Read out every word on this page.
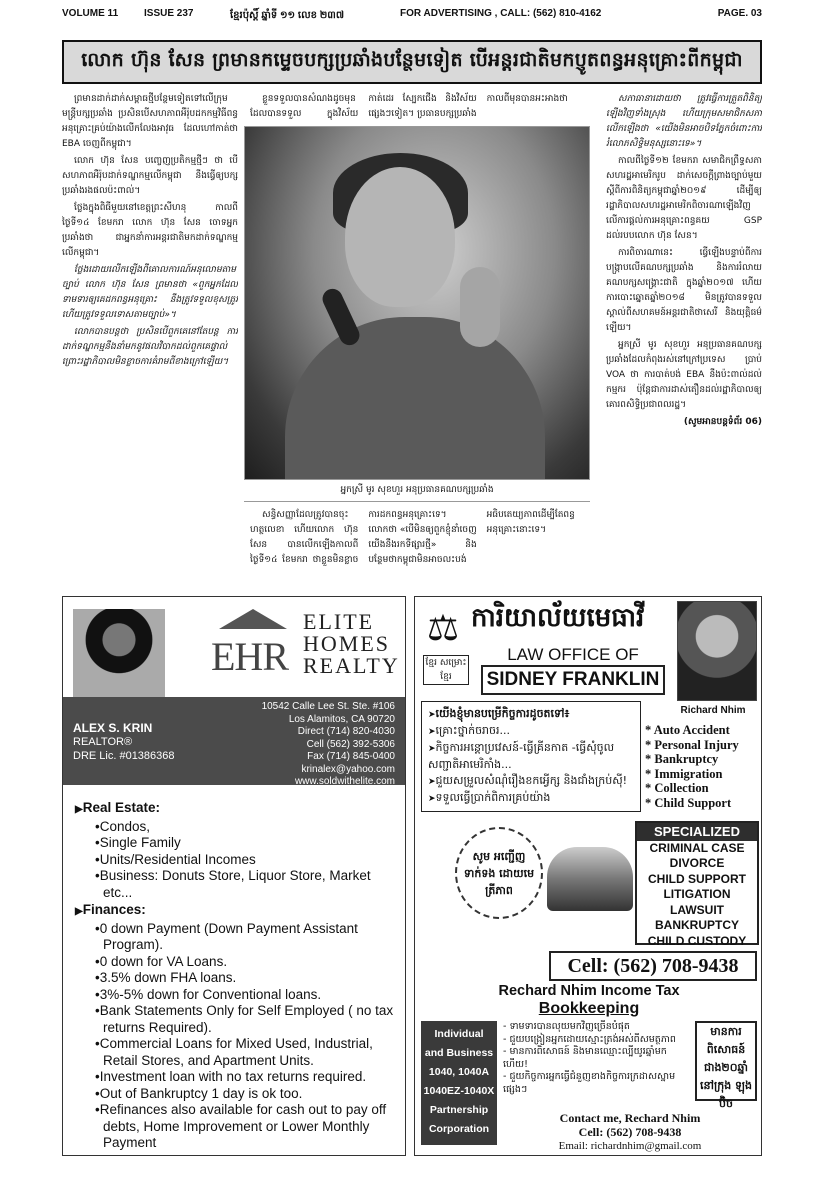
VOLUME 11	ISSUE 237	ខ្មែរប៉ុស្តិ៍ ឆ្នាំទី ១១ លេខ ២៣៧	FOR ADVERTISING , CALL: (562) 810-4162	PAGE. 03
លោក ហ៊ុន សែន ព្រមានកម្ទេចបក្សប្រឆាំងបន្ថែមទៀត បើអន្តរជាតិមកប្ញូតពន្ធអនុគ្រោះពីកម្ពុជា

ព្រមានដាក់ដាក់សម្ពាធថ្មីបន្ថែមទៀតទៅលើក្រុមមន្ត្រីបក្សប្រឆាំង ប្រសិនបើសហភាពអឺរ៉ុបដកកម្មវិធីពន្ធអនុគ្រោះគ្រប់យ៉ាងលើកលែងអាវុធ ដែលហៅកាត់ថា EBA ចេញពីកម្ពុជា។

លោក ហ៊ុន សែន បញ្ចេញប្រតិកម្មថ្មីៗ ថា បើសហភាពអឺរ៉ុបដាក់ទណ្ឌកម្មលើកម្ពុជា នឹងធ្វើឲ្យបក្សប្រឆាំងរងផលប៉ះពាល់។

ថ្លែងក្នុងពិធីមួយនៅខេត្តព្រះសីហនុ កាលពីថ្ងៃទី១៤ ខែមករា លោក ហ៊ុន សែន ចោទអ្នកប្រឆាំងថា ជាអ្នកនាំការអន្តរជាតិមកដាក់ទណ្ឌកម្មលើកម្ពុជា។

ថ្លែងដោយលើកឡើងពីគោលការណ៍អនុលោមតាមច្បាប់ លោក ហ៊ុន សែន ព្រមានថា «ពួកអ្នកដែលទាមទារឲ្យគេដកពន្ធអនុគ្រោះ នឹងត្រូវទទួលខុសត្រូវ ហើយត្រូវទទួលទោសតាមច្បាប់»។

លោកបានបន្តថា ប្រសិនបើពួកគេនៅតែបន្ត ការដាក់ទណ្ឌកម្មនឹងនាំមកនូវផលវិបាកដល់ពួកគេផ្ទាល់ ព្រោះរដ្ឋាភិបាលមិនខ្លាចការគំរាមពីខាងក្រៅឡើយ។

ខ្លួនទទួលបានសំណងដូចមុន ដែលបានទទួល ក្នុងវិស័យកាត់ដេរ ស្បែកជើង និងវិស័យផ្សេងៗទៀត។ ប្រធានបក្សប្រឆាំងកាលពីមុនបានអះអាងថា

អ្នកស្រី មូរ សុខហួរ អនុប្រធានគណបក្សប្រឆាំង

សន្ធិសញ្ញាដែលត្រូវបានចុះហត្ថលេខា ហើយលោក ហ៊ុន សែន បានលើកឡើងកាលពីថ្ងៃទី១៤ ខែមករា ថាខ្លួនមិនខ្លាចការដកពន្ធអនុគ្រោះទេ។ លោកថា «បើមិនឲ្យពួកខ្ញុំនាំចេញ យើងនឹងរកទីផ្សារថ្មី» និងបន្ថែមថាកម្ពុជាមិនអាចលះបង់អធិបតេយ្យភាពដើម្បីតែពន្ធអនុគ្រោះនោះទេ។

សភាធានាដោយថា ត្រូវធ្វើការត្រួតពិនិត្យឡើងវិញទាំងស្រុង ហើយក្រុមសមាជិកសភាលើកឡើងថា «យើងមិនអាចបិទភ្នែកចំពោះការរំលោភសិទ្ធិមនុស្សនោះទេ»។

កាលពីថ្ងៃទី១២ ខែមករា សមាជិកព្រឹទ្ធសភាសហរដ្ឋអាមេរិករូប ដាក់សេចក្ដីព្រាងច្បាប់មួយស្ដីពីការពិនិត្យកម្ពុជាឆ្នាំ២០១៩ ដើម្បីឲ្យរដ្ឋាភិបាលសហរដ្ឋអាមេរិកពិចារណាឡើងវិញលើការផ្ដល់ការអនុគ្រោះពន្ធគយ GSP ដល់របបលោក ហ៊ុន សែន។

ការពិចារណានេះ ធ្វើឡើងបន្ទាប់ពីការបង្ក្រាបលើគណបក្សប្រឆាំង និងការរំលាយគណបក្សសង្គ្រោះជាតិ ក្នុងឆ្នាំ២០១៧ ហើយការបោះឆ្នោតឆ្នាំ២០១៨ មិនត្រូវបានទទួលស្គាល់ពីសហគមន៍អន្តរជាតិថាសេរី និងយុត្តិធម៌ឡើយ។

អ្នកស្រី មូរ សុខហួរ អនុប្រធានគណបក្សប្រឆាំងដែលកំពុងរស់នៅក្រៅប្រទេស ប្រាប់ VOA ថា ការបាត់បង់ EBA នឹងប៉ះពាល់ដល់កម្មករ ប៉ុន្តែជាការដាស់តឿនដល់រដ្ឋាភិបាលឲ្យគោរពសិទ្ធិប្រជាពលរដ្ឋ។

(សូមអានបន្តទំព័រ 06)
EHR
ELITE
HOMES
REALTY
ALEX S. KRIN
REALTOR®
DRE Lic. #01386368
10542 Calle Lee St. Ste. #106
Los Alamitos, CA 90720
Direct (714) 820-4030
Cell (562) 392-5306
Fax (714) 845-0400
krinalex@yahoo.com
www.soldwithelite.com
▶ Real Estate:
• Condos,
• Single Family
• Units/Residential Incomes
• Business: Donuts Store, Liquor Store, Market etc...
▶ Finances:
• 0 down Payment (Down Payment Assistant Program).
• 0 down for VA Loans.
• 3.5% down FHA loans.
• 3%-5% down for Conventional loans.
• Bank Statements Only for Self Employed ( no tax returns Required).
• Commercial Loans for Mixed Used, Industrial, Retail Stores, and Apartment Units.
• Investment loan with no tax returns required.
• Out of Bankruptcy 1 day is ok too.
• Refinances also available for cash out to pay off debts, Home Improvement or Lower Monthly Payment
⚖ ការិយាល័យមេធាវី
ខ្មែរ សម្រោះខ្មែរ
LAW OFFICE OF
SIDNEY FRANKLIN
Richard Nhim
➤ យើងខ្ញុំមានបម្រើកិច្ចការដូចតទៅ៖
➤ គ្រោះថ្នាក់ចរាចរ...
➤ កិច្ចការអន្តោប្រវេសន៍-ធ្វើគ្រីនកាត -ធ្វើសុំចូលសញ្ជាតិអាមេរិកាំង...
➤ ជួយសម្រួលសំណុំរឿងខកអ្វើក្ស និងជាំងក្រប់ស៊ី!
➤ ទទួលធ្វើប្រាក់ពិការគ្រប់យ៉ាង
* Auto Accident
* Personal Injury
* Bankruptcy
* Immigration
* Collection
* Child Support
សូម អញ្ជើញ ទាក់ទង ដោយមេត្រីភាព
SPECIALIZED
CRIMINAL CASE
DIVORCE
CHILD SUPPORT
LITIGATION
LAWSUIT
BANKRUPTCY
CHILD CUSTODY
Cell: (562) 708-9438
Rechard Nhim Income Tax
Bookkeeping
Individual
and Business
1040, 1040A
1040EZ-1040X
Partnership
Corporation
- ទាមទារបានលុយមកវិញច្រើនបំផុត
- ជួយបង្រៀនអ្នកដោយស្មោះត្រង់អស់ពីសមត្ថភាព
- មានការពិសោធន៍ និងមានឈ្មោះល្បីយូរឆ្នាំមកហើយ!
- ជួយកិច្ចការអ្នកធ្វើជំនួញខាងកិច្ចការក្រដាសស្នាមផ្សេងៗ
មានការ ពិសោធន៍ ជាង២០ឆ្នាំ នៅក្រុង ឡុងប៊ិច
Contact me, Rechard Nhim
Cell: (562) 708-9438
Email: richardnhim@gmail.com
